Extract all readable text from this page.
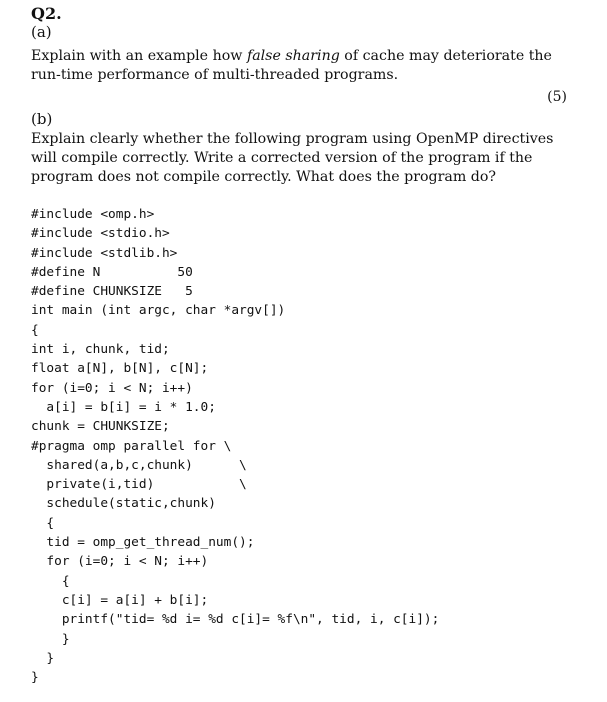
Q2.
(a)
Explain with an example how false sharing of cache may deteriorate the run-time performance of multi-threaded programs.
(5)
(b)
Explain clearly whether the following program using OpenMP directives will compile correctly. Write a corrected version of the program if the program does not compile correctly. What does the program do?
#include <omp.h>
#include <stdio.h>
#include <stdlib.h>
#define N          50
#define CHUNKSIZE   5
int main (int argc, char *argv[])
{
int i, chunk, tid;
float a[N], b[N], c[N];
for (i=0; i < N; i++)
a[i] = b[i] = i * 1.0;
chunk = CHUNKSIZE;
#pragma omp parallel for \
shared(a,b,c,chunk)      \
private(i,tid)           \
schedule(static,chunk)
{
tid = omp_get_thread_num();
for (i=0; i < N; i++)
{
c[i] = a[i] + b[i];
printf("tid= %d i= %d c[i]= %f\n", tid, i, c[i]);
}
}
}
